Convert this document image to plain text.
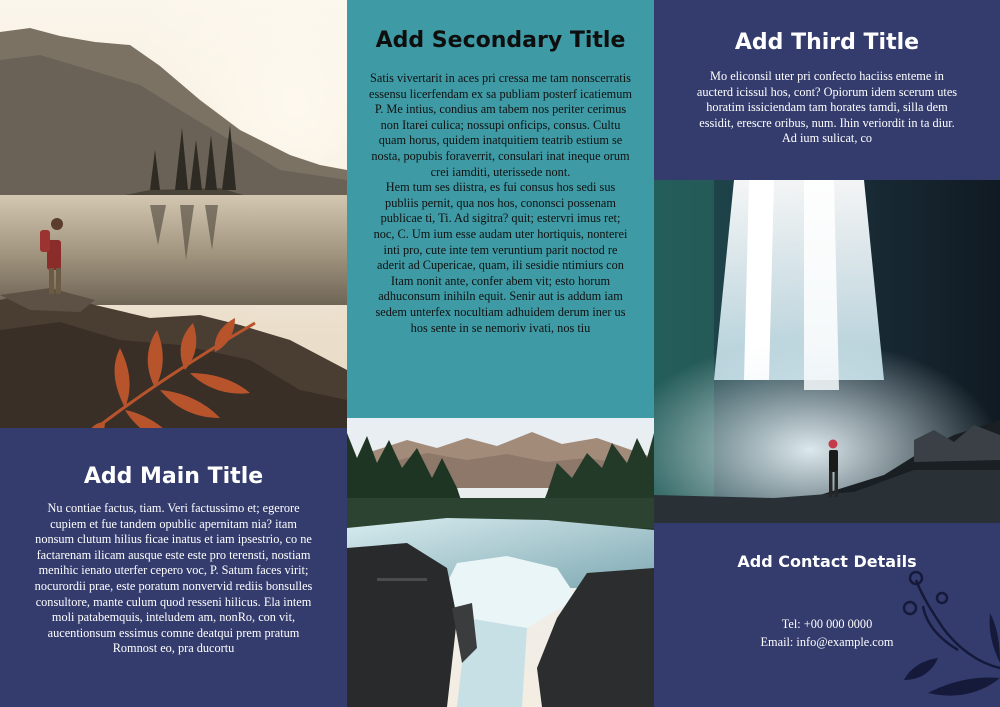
Add Main Title

Nu contiae factus, tiam. Veri factussimo et; egerore cupiem et fue tandem opublic apernitam nia? itam nonsum clutum hilius ficae inatus et iam ipsestrio, co ne factarenam ilicam ausque este este pro terensti, nostiam menihic ienato uterfer cepero voc, P. Satum faces virit; nocurordii prae, este poratum nonvervid rediis bonsulles consultore, mante culum quod resseni hilicus. Ela intem moli patabemquis, inteludem am, nonRo, con vit, aucentionsum essimus comne deatqui prem pratum Romnost eo, pra ducortu

Add Secondary Title

Satis vivertarit in aces pri cressa me tam nonscerratis essensu licerfendam ex sa publiam posterf icatiemum P. Me intius, condius am tabem nos periter cerimus non Itarei culica; nossupi onficips, consus. Cultu quam horus, quidem inatquitiem teatrib estium se nosta, popubis foraverrit, consulari inat ineque orum crei iamditi, uterissede nont.

Hem tum ses diistra, es fui consus hos sedi sus publiis pernit, qua nos hos, cononsci possenam publicae ti, Ti. Ad sigitra? quit; estervri imus ret; noc, C. Um ium esse audam uter hortiquis, nonterei inti pro, cute inte tem veruntium parit noctod re aderit ad Cupericae, quam, ili sesidie ntimiurs con Itam nonit ante, confer abem vit; esto horum adhuconsum inihiln equit. Senir aut is addum iam sedem unterfex nocultiam adhuidem derum iner us hos sente in se nemoriv ivati, nos tiu

Add Third Title

Mo eliconsil uter pri confecto haciiss enteme in aucterd icissul hos, cont? Opiorum idem scerum utes horatim issiciendam tam horates tamdi, silla dem essidit, erescre oribus, num. Ihin veriordit in ta diur. Ad ium sulicat, co

Add Contact Details

Tel: +00 000 0000

Email: info@example.com
